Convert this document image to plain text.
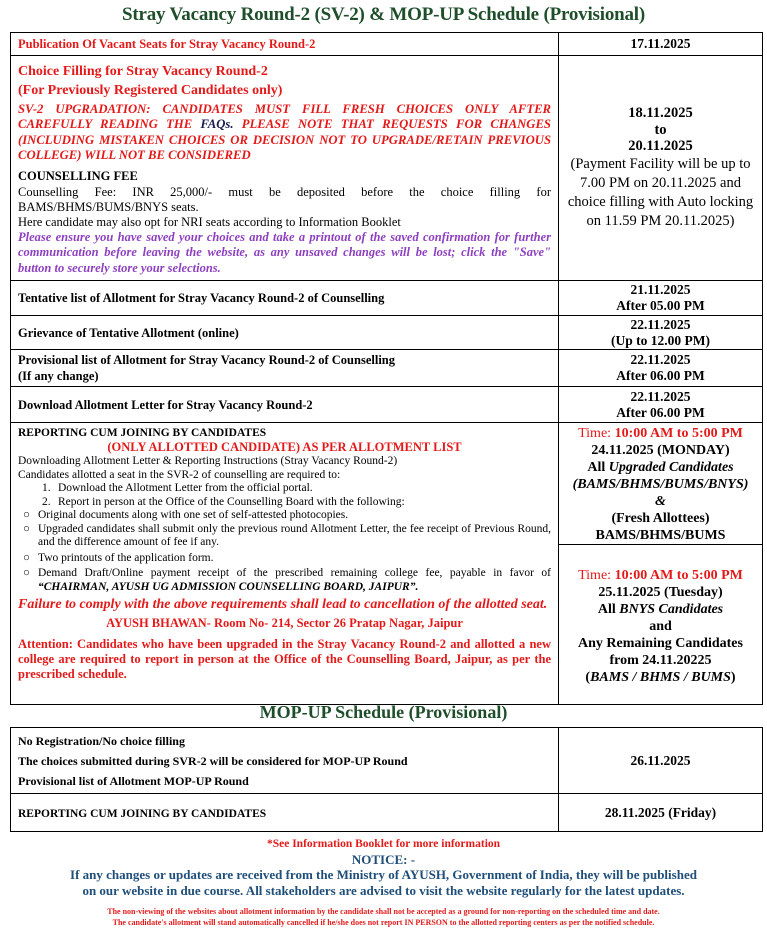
Stray Vacancy Round-2 (SV-2) & MOP-UP Schedule (Provisional)
Publication Of Vacant Seats for Stray Vacancy Round-2	17.11.2025

Choice Filling for Stray Vacancy Round-2
(For Previously Registered Candidates only)
SV-2 UPGRADATION: CANDIDATES MUST FILL FRESH CHOICES ONLY AFTER CAREFULLY READING THE FAQs. PLEASE NOTE THAT REQUESTS FOR CHANGES (INCLUDING MISTAKEN CHOICES OR DECISION NOT TO UPGRADE/RETAIN PREVIOUS COLLEGE) WILL NOT BE CONSIDERED
COUNSELLING FEE
Counselling Fee: INR 25,000/- must be deposited before the choice filling for BAMS/BHMS/BUMS/BNYS seats.
Here candidate may also opt for NRI seats according to Information Booklet
Please ensure you have saved your choices and take a printout of the saved confirmation for further communication before leaving the website, as any unsaved changes will be lost; click the "Save" button to securely store your selections.

18.11.2025
to
20.11.2025
(Payment Facility will be up to 7.00 PM on 20.11.2025 and choice filling with Auto locking on 11.59 PM 20.11.2025)

Tentative list of Allotment for Stray Vacancy Round-2 of Counselling	21.11.2025
After 05.00 PM

Grievance of Tentative Allotment (online)	22.11.2025
(Up to 12.00 PM)

Provisional list of Allotment for Stray Vacancy Round-2 of Counselling
(If any change)

22.11.2025
After 06.00 PM

Download Allotment Letter for Stray Vacancy Round-2	22.11.2025
After 06.00 PM

REPORTING CUM JOINING BY CANDIDATES
(ONLY ALLOTTED CANDIDATE) AS PER ALLOTMENT LIST
Downloading Allotment Letter & Reporting Instructions (Stray Vacancy Round-2)
Candidates allotted a seat in the SVR-2 of counselling are required to:
1. Download the Allotment Letter from the official portal.
2. Report in person at the Office of the Counselling Board with the following:
○ Original documents along with one set of self-attested photocopies.
○ Upgraded candidates shall submit only the previous round Allotment Letter, the fee receipt of Previous Round, and the difference amount of fee if any.
○ Two printouts of the application form.
○ Demand Draft/Online payment receipt of the prescribed remaining college fee, payable in favor of “CHAIRMAN, AYUSH UG ADMISSION COUNSELLING BOARD, JAIPUR”.
Failure to comply with the above requirements shall lead to cancellation of the allotted seat.
AYUSH BHAWAN- Room No- 214, Sector 26 Pratap Nagar, Jaipur
Attention: Candidates who have been upgraded in the Stray Vacancy Round-2 and allotted a new college are required to report in person at the Office of the Counselling Board, Jaipur, as per the prescribed schedule.

Time: 10:00 AM to 5:00 PM
24.11.2025 (MONDAY)
All Upgraded Candidates
(BAMS/BHMS/BUMS/BNYS)
&
(Fresh Allottees)
BAMS/BHMS/BUMS

Time: 10:00 AM to 5:00 PM
25.11.2025 (Tuesday)
All BNYS Candidates
and
Any Remaining Candidates
from 24.11.20225
(BAMS / BHMS / BUMS)
MOP-UP Schedule (Provisional)
No Registration/No choice filling
The choices submitted during SVR-2 will be considered for MOP-UP Round
Provisional list of Allotment MOP-UP Round	26.11.2025
REPORTING CUM JOINING BY CANDIDATES	28.11.2025 (Friday)
*See Information Booklet for more information
NOTICE: -
If any changes or updates are received from the Ministry of AYUSH, Government of India, they will be published
on our website in due course. All stakeholders are advised to visit the website regularly for the latest updates.
The non-viewing of the websites about allotment information by the candidate shall not be accepted as a ground for non-reporting on the scheduled time and date.
The candidate's allotment will stand automatically cancelled if he/she does not report IN PERSON to the allotted reporting centers as per the notified schedule.
